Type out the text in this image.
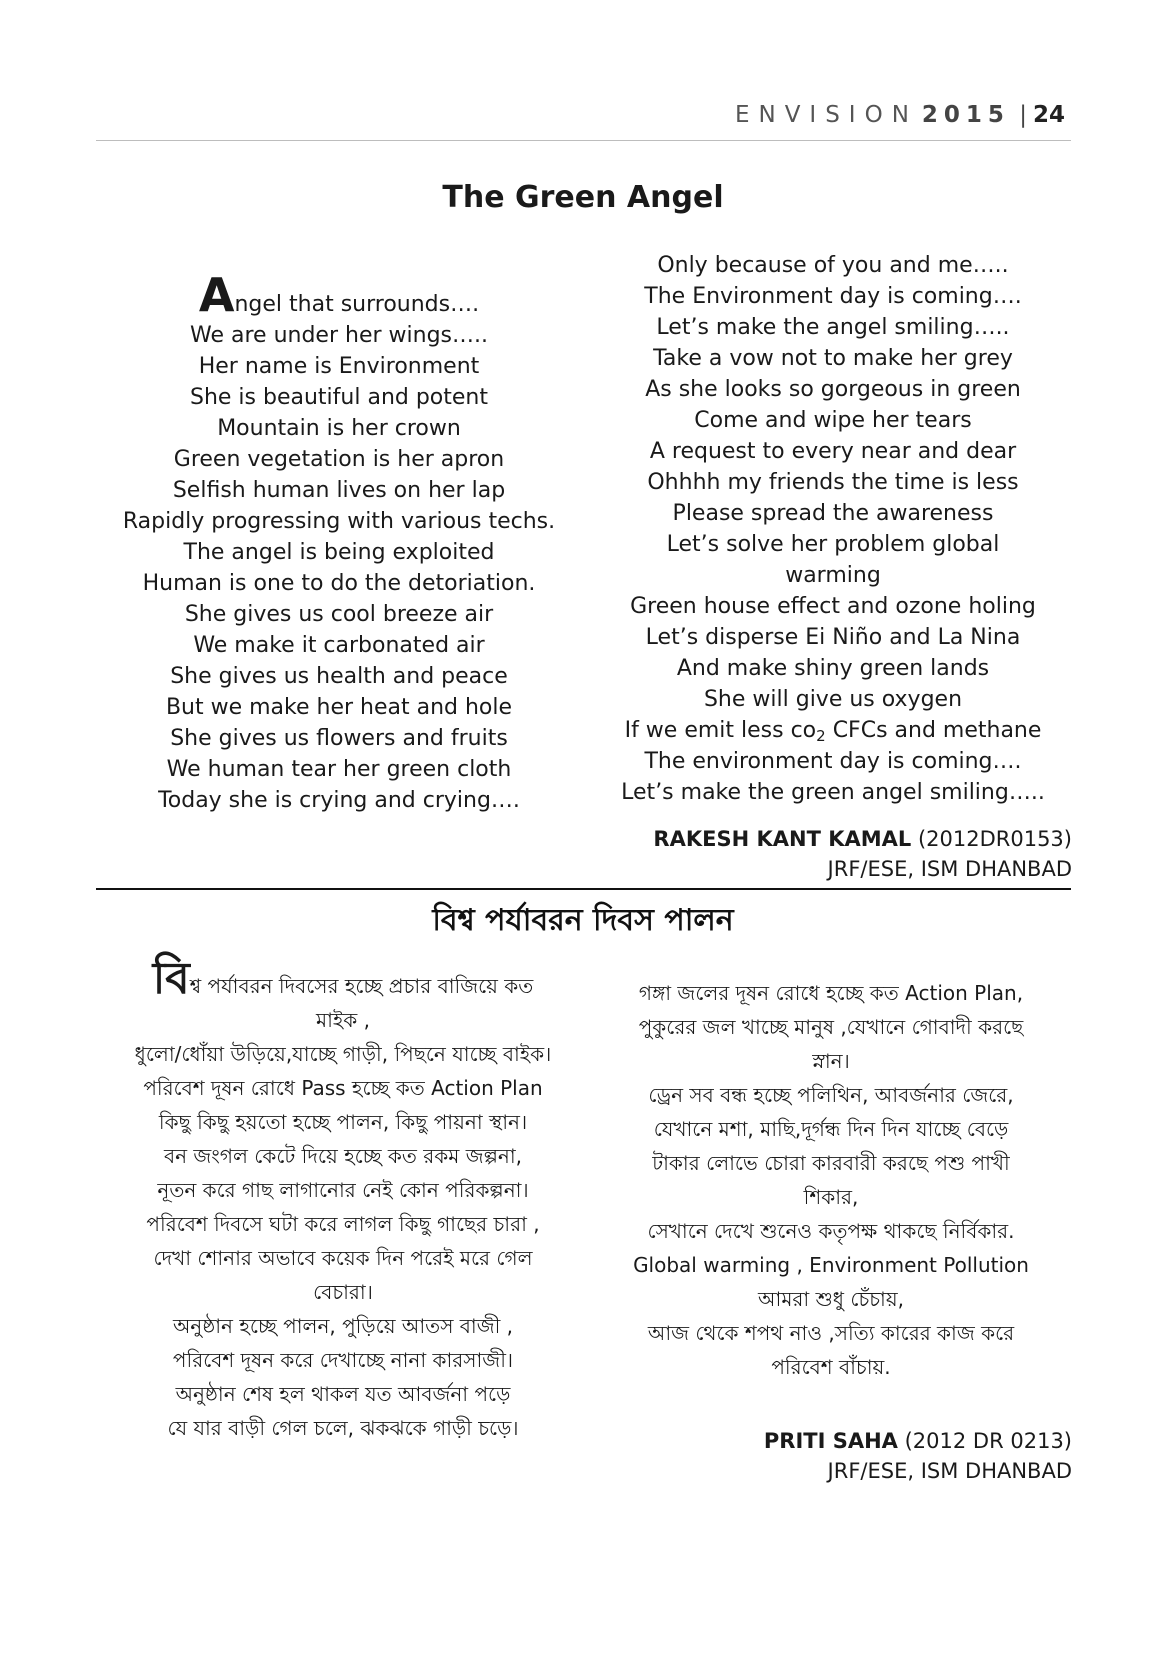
ENVISION 2015 | 24
The Green Angel
Angel that surrounds….
We are under her wings…..
Her name is Environment
She is beautiful and potent
Mountain is her crown
Green vegetation is her apron
Selfish human lives on her lap
Rapidly progressing with various techs.
The angel is being exploited
Human is one to do the detoriation.
She gives us cool breeze air
We make it carbonated air
She gives us health and peace
But we make her heat and hole
She gives us flowers and fruits
We human tear her green cloth
Today she is crying and crying….
Only because of you and me…..
The Environment day is coming….
Let’s make the angel smiling…..
Take a vow not to make her grey
As she looks so gorgeous in green
Come and wipe her tears
A request to every near and dear
Ohhhh my friends the time is less
Please spread the awareness
Let’s solve her problem global
warming
Green house effect and ozone holing
Let’s disperse Ei Niño and La Nina
And make shiny green lands
She will give us oxygen
If we emit less $co_2$ CFCs and methane
The environment day is coming….
Let’s make the green angel smiling…..
RAKESH KANT KAMAL (2012DR0153)
JRF/ESE, ISM DHANBAD
বিশ্ব পর্যাবরন দিবস পালন
বিশ্ব পর্যাবরন দিবসের হচ্ছে প্রচার বাজিয়ে কত
মাইক ,
ধুলো/ধোঁয়া উড়িয়ে,যাচ্ছে গাড়ী, পিছনে যাচ্ছে বাইক।
পরিবেশ দূষন রোধে Pass হচ্ছে কত Action Plan
কিছু কিছু হয়তো হচ্ছে পালন, কিছু পায়না স্থান।
বন জংগল কেটে দিয়ে হচ্ছে কত রকম জল্পনা,
নূতন করে গাছ লাগানোর নেই কোন পরিকল্পনা।
পরিবেশ দিবসে ঘটা করে লাগল কিছু গাছের চারা ,
দেখা শোনার অভাবে কয়েক দিন পরেই মরে গেল
বেচারা।
অনুষ্ঠান হচ্ছে পালন, পুড়িয়ে আতস বাজী ,
পরিবেশ দূষন করে দেখাচ্ছে নানা কারসাজী।
অনুষ্ঠান শেষ হল থাকল যত আবর্জনা পড়ে
যে যার বাড়ী গেল চলে, ঝকঝকে গাড়ী চড়ে।
গঙ্গা জলের দূষন রোধে হচ্ছে কত Action Plan,
পুকুরের জল খাচ্ছে মানুষ ,যেখানে গোবাদী করছে
স্নান।
ড্রেন সব বন্ধ হচ্ছে পলিথিন, আবর্জনার জেরে,
যেখানে মশা, মাছি,দূর্গন্ধ দিন দিন যাচ্ছে বেড়ে
টাকার লোভে চোরা কারবারী করছে পশু পাখী
শিকার,
সেখানে দেখে শুনেও কতৃপক্ষ থাকছে নির্বিকার.
Global warming , Environment Pollution
আমরা শুধু চেঁচায়,
আজ থেকে শপথ নাও ,সত্যি কারের কাজ করে
পরিবেশ বাঁচায়.
PRITI SAHA (2012 DR 0213)
JRF/ESE, ISM DHANBAD
